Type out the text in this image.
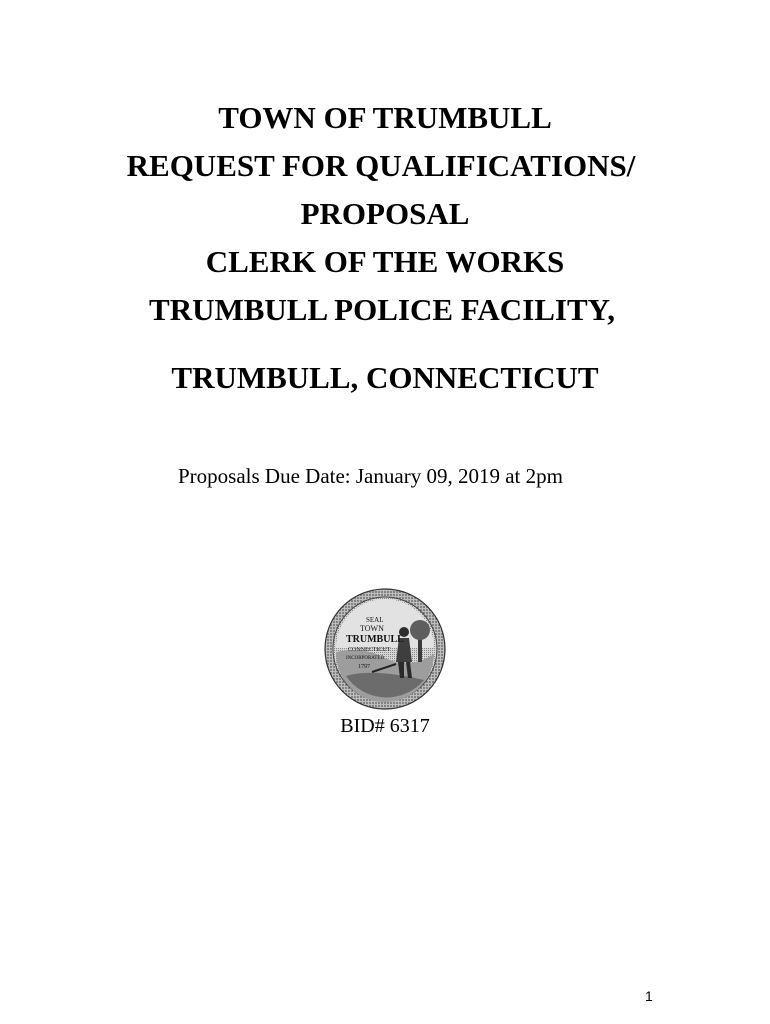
TOWN OF TRUMBULL
REQUEST FOR QUALIFICATIONS/
PROPOSAL
CLERK OF THE WORKS
TRUMBULL POLICE FACILITY,
TRUMBULL, CONNECTICUT
Proposals Due Date: January 09, 2019 at 2pm
SEAL
TOWN
TRUMBULL
CONNECTICUT
INCORPORATED
1797
BID# 6317
1
